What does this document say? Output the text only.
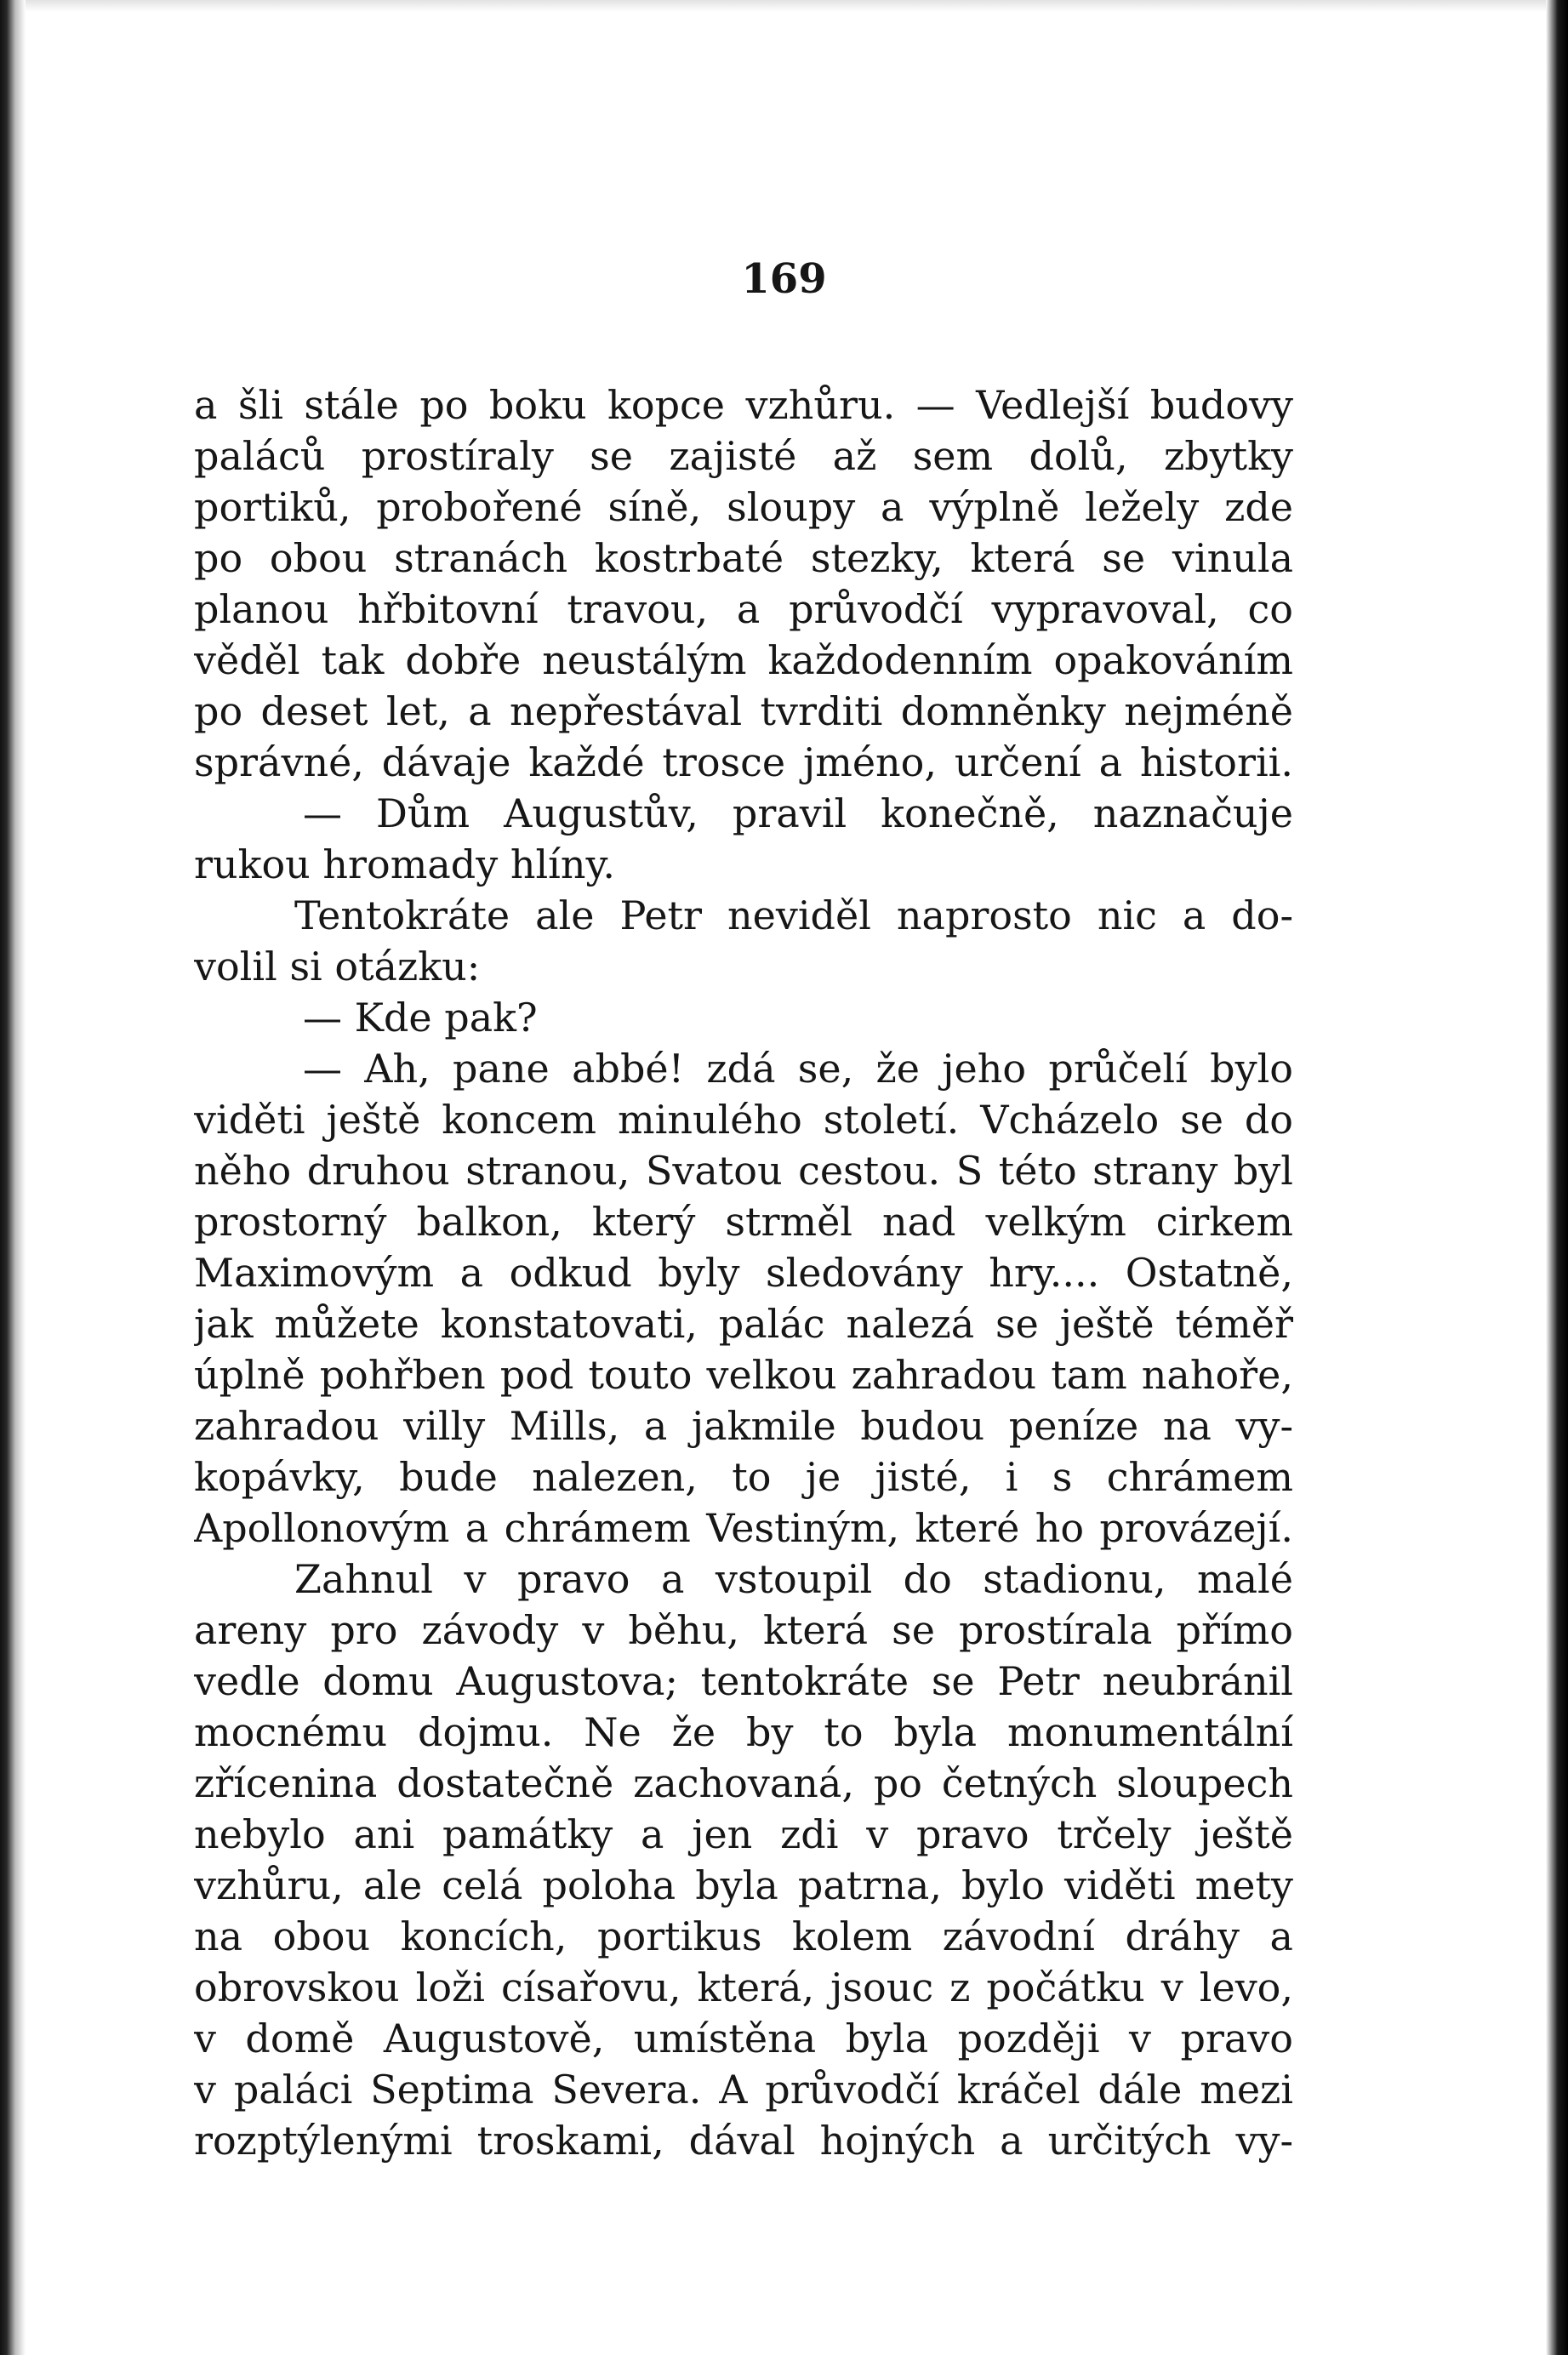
169
a šli stále po boku kopce vzhůru. — Vedlejší budovy
paláců prostíraly se zajisté až sem dolů, zbytky
portiků, probořené síně, sloupy a výplně ležely zde
po obou stranách kostrbaté stezky, která se vinula
planou hřbitovní travou, a průvodčí vypravoval, co
věděl tak dobře neustálým každodenním opakováním
po deset let, a nepřestával tvrditi domněnky nejméně
správné, dávaje každé trosce jméno, určení a historii.
— Dům Augustův, pravil konečně, naznačuje
rukou hromady hlíny.
Tentokráte ale Petr neviděl naprosto nic a do-
volil si otázku:
— Kde pak?
— Ah, pane abbé! zdá se, že jeho průčelí bylo
viděti ještě koncem minulého století. Vcházelo se do
něho druhou stranou, Svatou cestou. S této strany byl
prostorný balkon, který strměl nad velkým cirkem
Maximovým a odkud byly sledovány hry.... Ostatně,
jak můžete konstatovati, palác nalezá se ještě téměř
úplně pohřben pod touto velkou zahradou tam nahoře,
zahradou villy Mills, a jakmile budou peníze na vy-
kopávky, bude nalezen, to je jisté, i s chrámem
Apollonovým a chrámem Vestiným, které ho provázejí.
Zahnul v pravo a vstoupil do stadionu, malé
areny pro závody v běhu, která se prostírala přímo
vedle domu Augustova; tentokráte se Petr neubránil
mocnému dojmu. Ne že by to byla monumentální
zřícenina dostatečně zachovaná, po četných sloupech
nebylo ani památky a jen zdi v pravo trčely ještě
vzhůru, ale celá poloha byla patrna, bylo viděti mety
na obou koncích, portikus kolem závodní dráhy a
obrovskou loži císařovu, která, jsouc z počátku v levo,
v domě Augustově, umístěna byla později v pravo
v paláci Septima Severa. A průvodčí kráčel dále mezi
rozptýlenými troskami, dával hojných a určitých vy-
